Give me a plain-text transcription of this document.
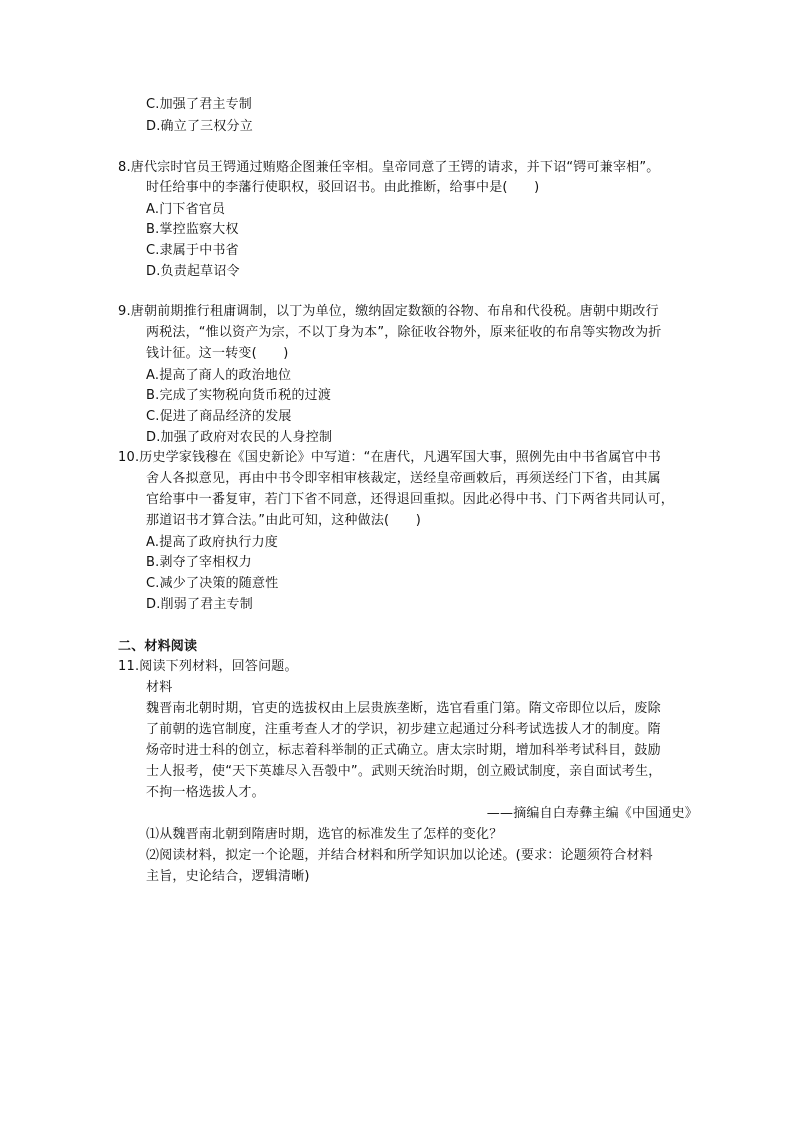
C.加强了君主专制
D.确立了三权分立
8.唐代宗时官员王锷通过贿赂企图兼任宰相。皇帝同意了王锷的请求，并下诏“锷可兼宰相”。
时任给事中的李藩行使职权，驳回诏书。由此推断，给事中是(　　)
A.门下省官员
B.掌控监察大权
C.隶属于中书省
D.负责起草诏令
9.唐朝前期推行租庸调制，以丁为单位，缴纳固定数额的谷物、布帛和代役税。唐朝中期改行
两税法，“惟以资产为宗，不以丁身为本”，除征收谷物外，原来征收的布帛等实物改为折
钱计征。这一转变(　　)
A.提高了商人的政治地位
B.完成了实物税向货币税的过渡
C.促进了商品经济的发展
D.加强了政府对农民的人身控制
10.历史学家钱穆在《国史新论》中写道：“在唐代，凡遇军国大事，照例先由中书省属官中书
舍人各拟意见，再由中书令即宰相审核裁定，送经皇帝画敕后，再须送经门下省，由其属
官给事中一番复审，若门下省不同意，还得退回重拟。因此必得中书、门下两省共同认可，
那道诏书才算合法。”由此可知，这种做法(　　)
A.提高了政府执行力度
B.剥夺了宰相权力
C.减少了决策的随意性
D.削弱了君主专制
二、材料阅读
11.阅读下列材料，回答问题。
材料
魏晋南北朝时期，官吏的选拔权由上层贵族垄断，选官看重门第。隋文帝即位以后，废除
了前朝的选官制度，注重考查人才的学识，初步建立起通过分科考试选拔人才的制度。隋
炀帝时进士科的创立，标志着科举制的正式确立。唐太宗时期，增加科举考试科目，鼓励
士人报考，使“天下英雄尽入吾彀中”。武则天统治时期，创立殿试制度，亲自面试考生，
不拘一格选拔人才。
——摘编自白寿彝主编《中国通史》
⑴从魏晋南北朝到隋唐时期，选官的标准发生了怎样的变化？
⑵阅读材料，拟定一个论题，并结合材料和所学知识加以论述。(要求：论题须符合材料
主旨，史论结合，逻辑清晰)
